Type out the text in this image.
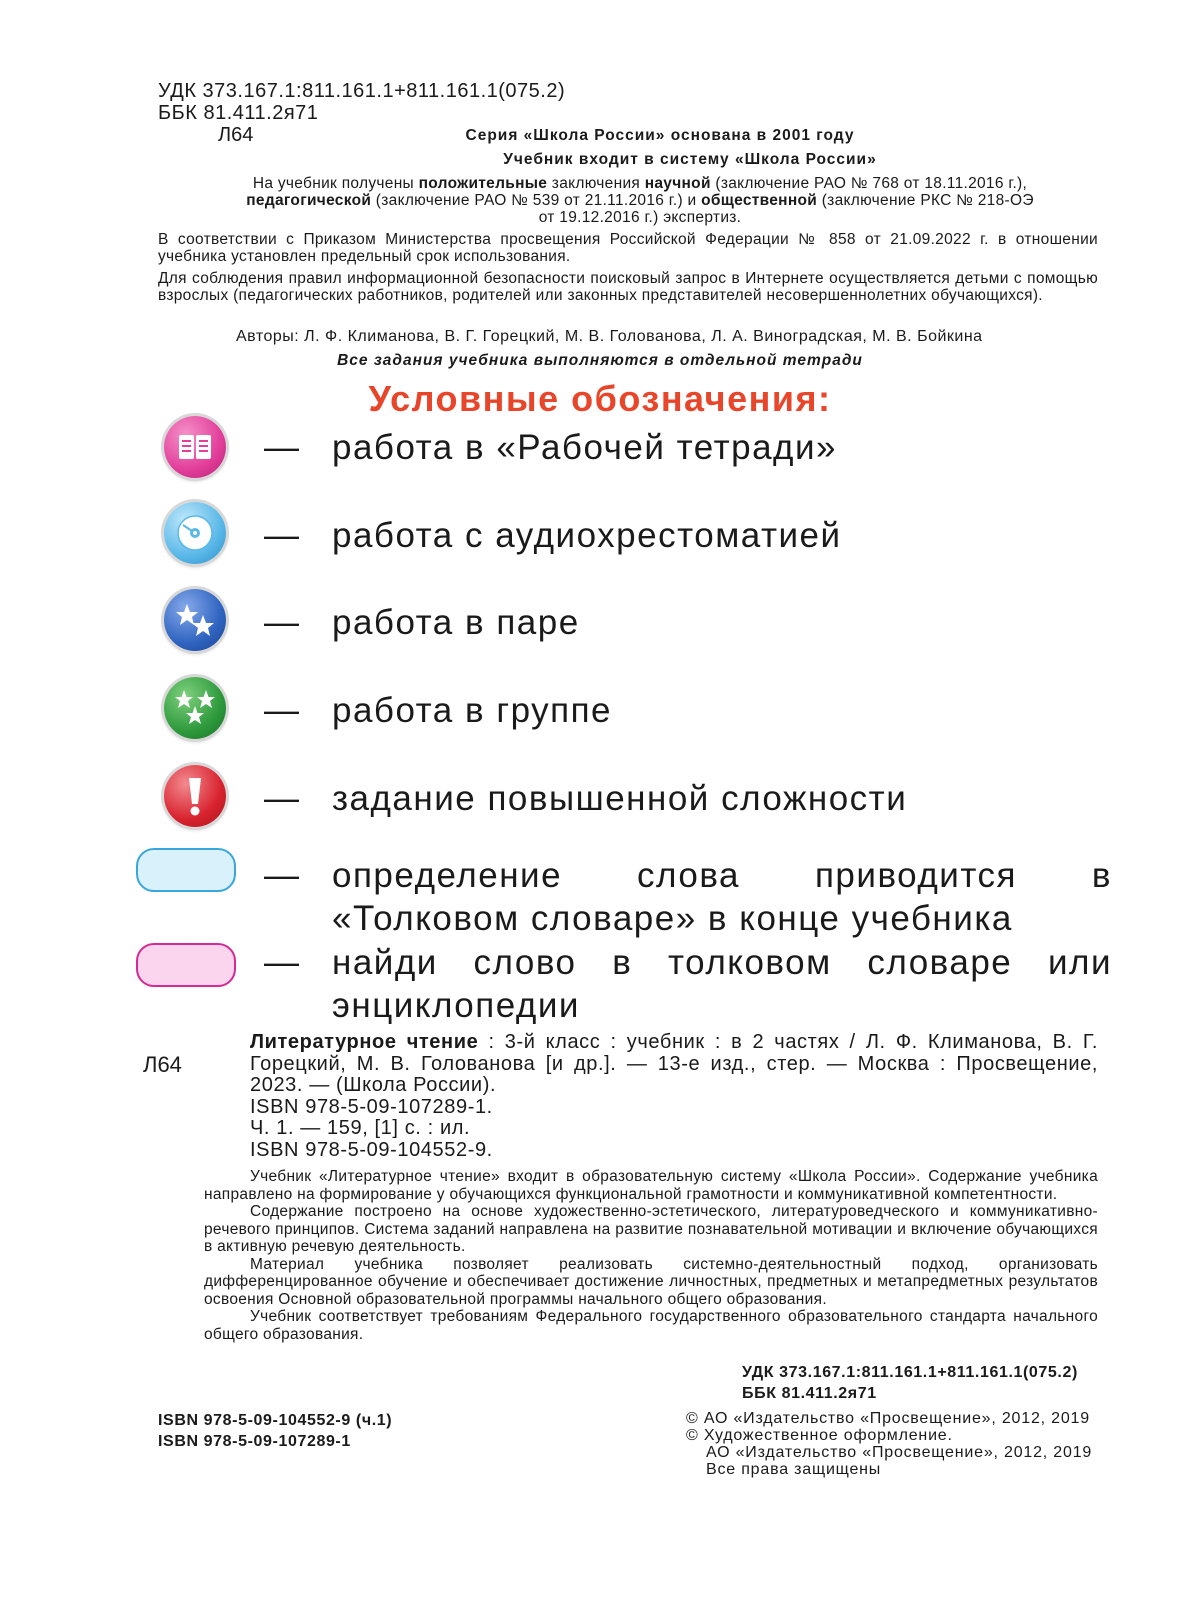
УДК 373.167.1:811.161.1+811.161.1(075.2)
ББК 81.411.2я71
Л64	Серия «Школа России» основана в 2001 году
Учебник входит в систему «Школа России»
На учебник получены положительные заключения научной (заключение РАО № 768 от 18.11.2016 г.),
педагогической (заключение РАО № 539 от 21.11.2016 г.) и общественной (заключение РКС № 218-ОЭ
от 19.12.2016 г.) экспертиз.
В соответствии с Приказом Министерства просвещения Российской Федерации № 858 от 21.09.2022 г. в отношении учебника установлен предельный срок использования.
Для соблюдения правил информационной безопасности поисковый запрос в Интернете осуществляется детьми с помощью взрослых (педагогических работников, родителей или законных представителей несовершеннолетних обучающихся).
Авторы: Л. Ф. Климанова, В. Г. Горецкий, М. В. Голованова, Л. А. Виноградская, М. В. Бойкина
Все задания учебника выполняются в отдельной тетради
Условные обозначения:
— работа в «Рабочей тетради»
— работа с аудиохрестоматией
— работа в паре
— работа в группе
— задание повышенной сложности
— определение слова приводится в «Толковом словаре» в конце учебника
— найди слово в толковом словаре или энциклопедии
Л64
Литературное чтение : 3-й класс : учебник : в 2 частях / Л. Ф. Климанова, В. Г. Горецкий, М. В. Голованова [и др.]. — 13-е изд., стер. — Москва : Просвещение, 2023. — (Школа России).
ISBN 978-5-09-107289-1.
Ч. 1. — 159, [1] с. : ил.
ISBN 978-5-09-104552-9.

Учебник «Литературное чтение» входит в образовательную систему «Школа России». Содержание учебника направлено на формирование у обучающихся функциональной грамотности и коммуникативной компетентности.

Содержание построено на основе художественно-эстетического, литературоведческого и коммуникативно-речевого принципов. Система заданий направлена на развитие познавательной мотивации и включение обучающихся в активную речевую деятельность.

Материал учебника позволяет реализовать системно-деятельностный подход, организовать дифференцированное обучение и обеспечивает достижение личностных, предметных и метапредметных результатов освоения Основной образовательной программы начального общего образования.

Учебник соответствует требованиям Федерального государственного образовательного стандарта начального общего образования.

УДК 373.167.1:811.161.1+811.161.1(075.2)
ББК 81.411.2я71
ISBN 978-5-09-104552-9 (ч.1)
ISBN 978-5-09-107289-1
© АО «Издательство «Просвещение», 2012, 2019
© Художественное оформление.
АО «Издательство «Просвещение», 2012, 2019
Все права защищены
